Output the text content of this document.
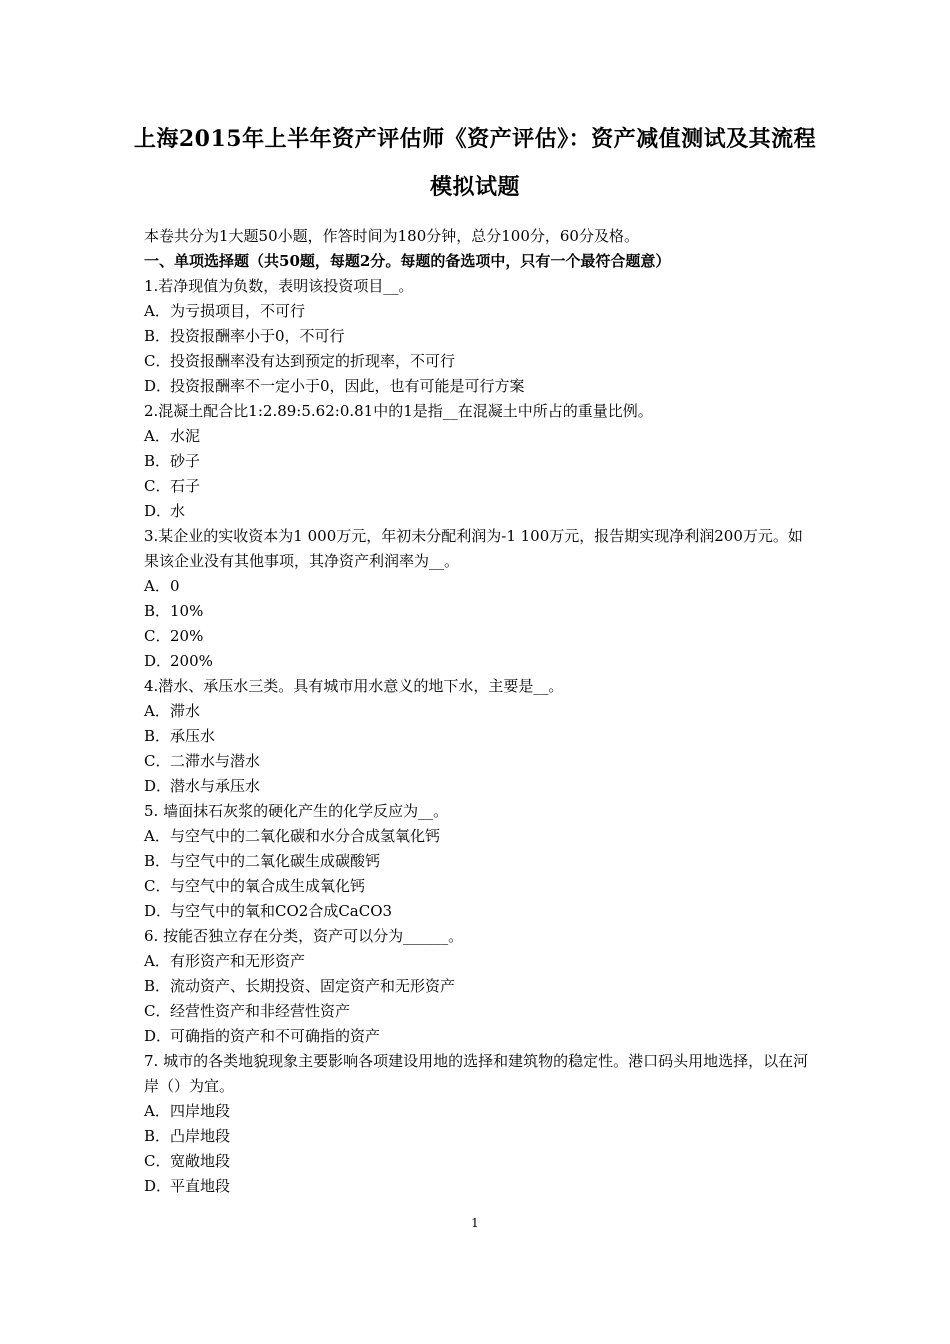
上海2015年上半年资产评估师《资产评估》：资产减值测试及其流程
模拟试题
本卷共分为1大题50小题，作答时间为180分钟，总分100分，60分及格。
一、单项选择题（共50题，每题2分。每题的备选项中，只有一个最符合题意）
1.若净现值为负数，表明该投资项目__。
A． 为亏损项目，不可行
B． 投资报酬率小于0，不可行
C． 投资报酬率没有达到预定的折现率，不可行
D．
投资报酬率不一定小于0，因此，也有可能是可行方案
2.混凝土配合比1:2.89:5.62:0.81中的1是指__在混凝土中所占的重量比例。
A． 水泥
B． 砂子
C． 石子
D．
水
3.某企业的实收资本为1 000万元，年初未分配利润为-1 100万元，报告期实现净利润200万元。如果该企业没有其他事项，其净资产利润率为__。
A． 0
B． 10%
C． 20%
D．
200%
4.潜水、承压水三类。具有城市用水意义的地下水，主要是__。
A． 滞水
B． 承压水
C． 二滞水与潜水
D．
潜水与承压水
5. 墙面抹石灰浆的硬化产生的化学反应为__。
A． 与空气中的二氧化碳和水分合成氢氧化钙
B． 与空气中的二氧化碳生成碳酸钙
C． 与空气中的氧合成生成氧化钙
D．
与空气中的氧和CO2合成CaCO3
6. 按能否独立存在分类，资产可以分为______。
A． 有形资产和无形资产
B． 流动资产、长期投资、固定资产和无形资产
C． 经营性资产和非经营性资产
D．
可确指的资产和不可确指的资产
7. 城市的各类地貌现象主要影响各项建设用地的选择和建筑物的稳定性。港口码头用地选择，以在河岸（）为宜。
A． 四岸地段
B． 凸岸地段
C． 宽敞地段
D．
平直地段
1
